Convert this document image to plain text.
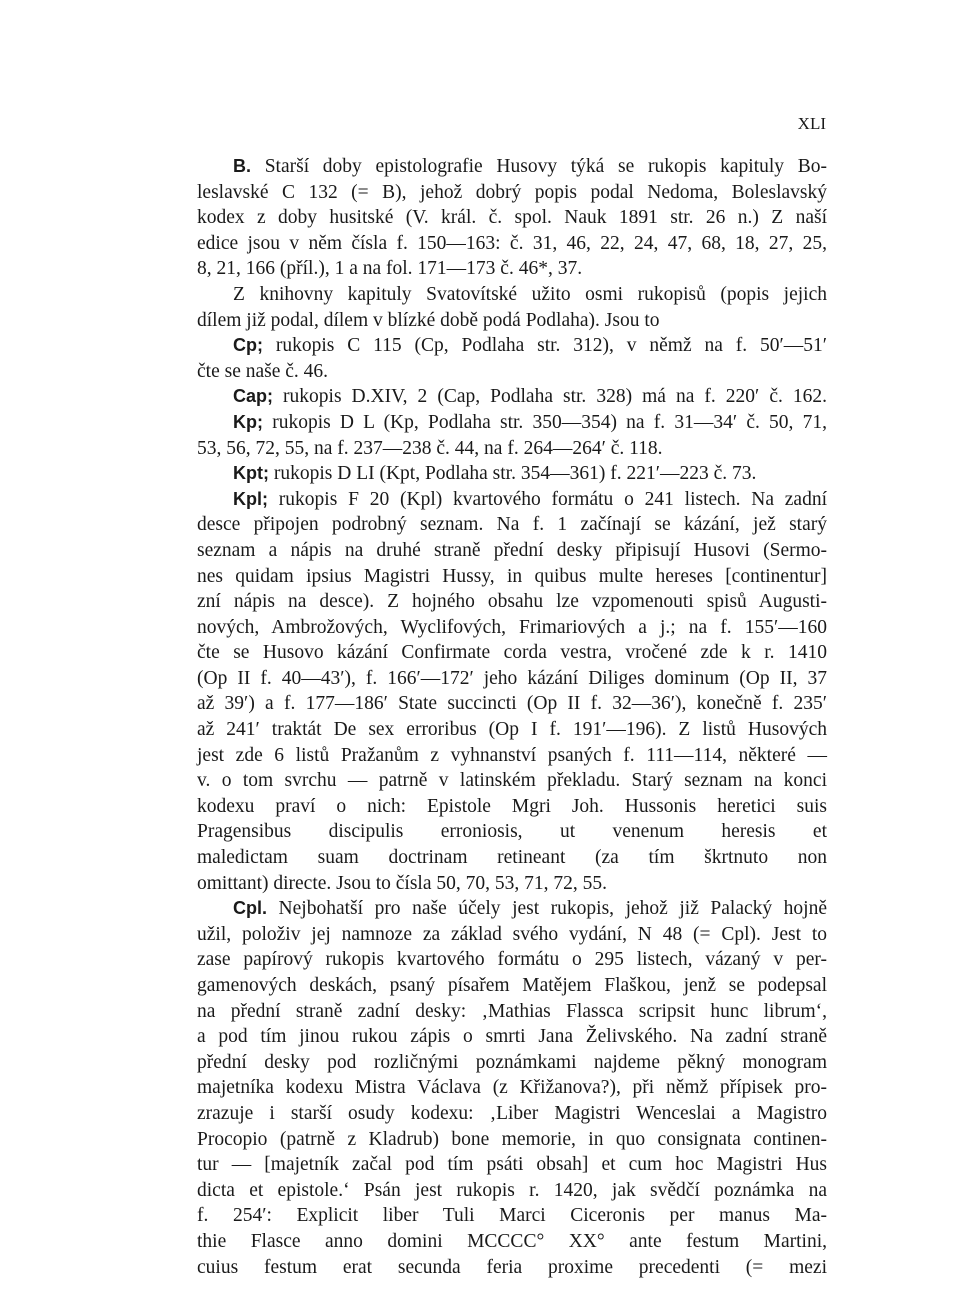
XLI
B. Starší doby epistolografie Husovy týká se rukopis kapituly Bo-
leslavské C 132 (= B), jehož dobrý popis podal Nedoma, Boleslavský
kodex z doby husitské (V. král. č. spol. Nauk 1891 str. 26 n.) Z naší
edice jsou v něm čísla f. 150—163: č. 31, 46, 22, 24, 47, 68, 18, 27, 25,
8, 21, 166 (příl.), 1 a na fol. 171—173 č. 46*, 37.
Z knihovny kapituly Svatovítské užito osmi rukopisů (popis jejich
dílem již podal, dílem v blízké době podá Podlaha). Jsou to
Cp; rukopis C 115 (Cp, Podlaha str. 312), v němž na f. 50′—51′
čte se naše č. 46.
Cap; rukopis D.XIV, 2 (Cap, Podlaha str. 328) má na f. 220′ č. 162.
Kp; rukopis D L (Kp, Podlaha str. 350—354) na f. 31—34′ č. 50, 71,
53, 56, 72, 55, na f. 237—238 č. 44, na f. 264—264′ č. 118.
Kpt; rukopis D LI (Kpt, Podlaha str. 354—361) f. 221′—223 č. 73.
Kpl; rukopis F 20 (Kpl) kvartového formátu o 241 listech. Na zadní
desce připojen podrobný seznam. Na f. 1 začínají se kázání, jež starý
seznam a nápis na druhé straně přední desky připisují Husovi (Sermo-
nes quidam ipsius Magistri Hussy, in quibus multe hereses [continentur]
zní nápis na desce). Z hojného obsahu lze vzpomenouti spisů Augusti-
nových, Ambrožových, Wyclifových, Frimariových a j.; na f. 155′—160
čte se Husovo kázání Confirmate corda vestra, vročené zde k r. 1410
(Op II f. 40—43′), f. 166′—172′ jeho kázání Diliges dominum (Op II, 37
až 39′) a f. 177—186′ State succincti (Op II f. 32—36′), konečně f. 235′
až 241′ traktát De sex erroribus (Op I f. 191′—196). Z listů Husových
jest zde 6 listů Pražanům z vyhnanství psaných f. 111—114, některé —
v. o tom svrchu — patrně v latinském překladu. Starý seznam na konci
kodexu praví o nich: Epistole Mgri Joh. Hussonis heretici suis
Pragensibus discipulis erroniosis, ut venenum heresis et
maledictam suam doctrinam retineant (za tím škrtnuto non
omittant) directe. Jsou to čísla 50, 70, 53, 71, 72, 55.
Cpl. Nejbohatší pro naše účely jest rukopis, jehož již Palacký hojně
užil, položiv jej namnoze za základ svého vydání, N 48 (= Cpl). Jest to
zase papírový rukopis kvartového formátu o 295 listech, vázaný v per-
gamenových deskách, psaný písařem Matějem Flaškou, jenž se podepsal
na přední straně zadní desky: ‚Mathias Flassca scripsit hunc librum‘,
a pod tím jinou rukou zápis o smrti Jana Želivského. Na zadní straně
přední desky pod rozličnými poznámkami najdeme pěkný monogram
majetníka kodexu Mistra Václava (z Křižanova?), při němž přípisek pro-
zrazuje i starší osudy kodexu: ‚Liber Magistri Wenceslai a Magistro
Procopio (patrně z Kladrub) bone memorie, in quo consignata continen-
tur — [majetník začal pod tím psáti obsah] et cum hoc Magistri Hus
dicta et epistole.‘ Psán jest rukopis r. 1420, jak svědčí poznámka na
f. 254′: Explicit liber Tuli Marci Ciceronis per manus Ma-
thie Flasce anno domini MCCCC° XX° ante festum Martini,
cuius festum erat secunda feria proxime precedenti (= mezi
